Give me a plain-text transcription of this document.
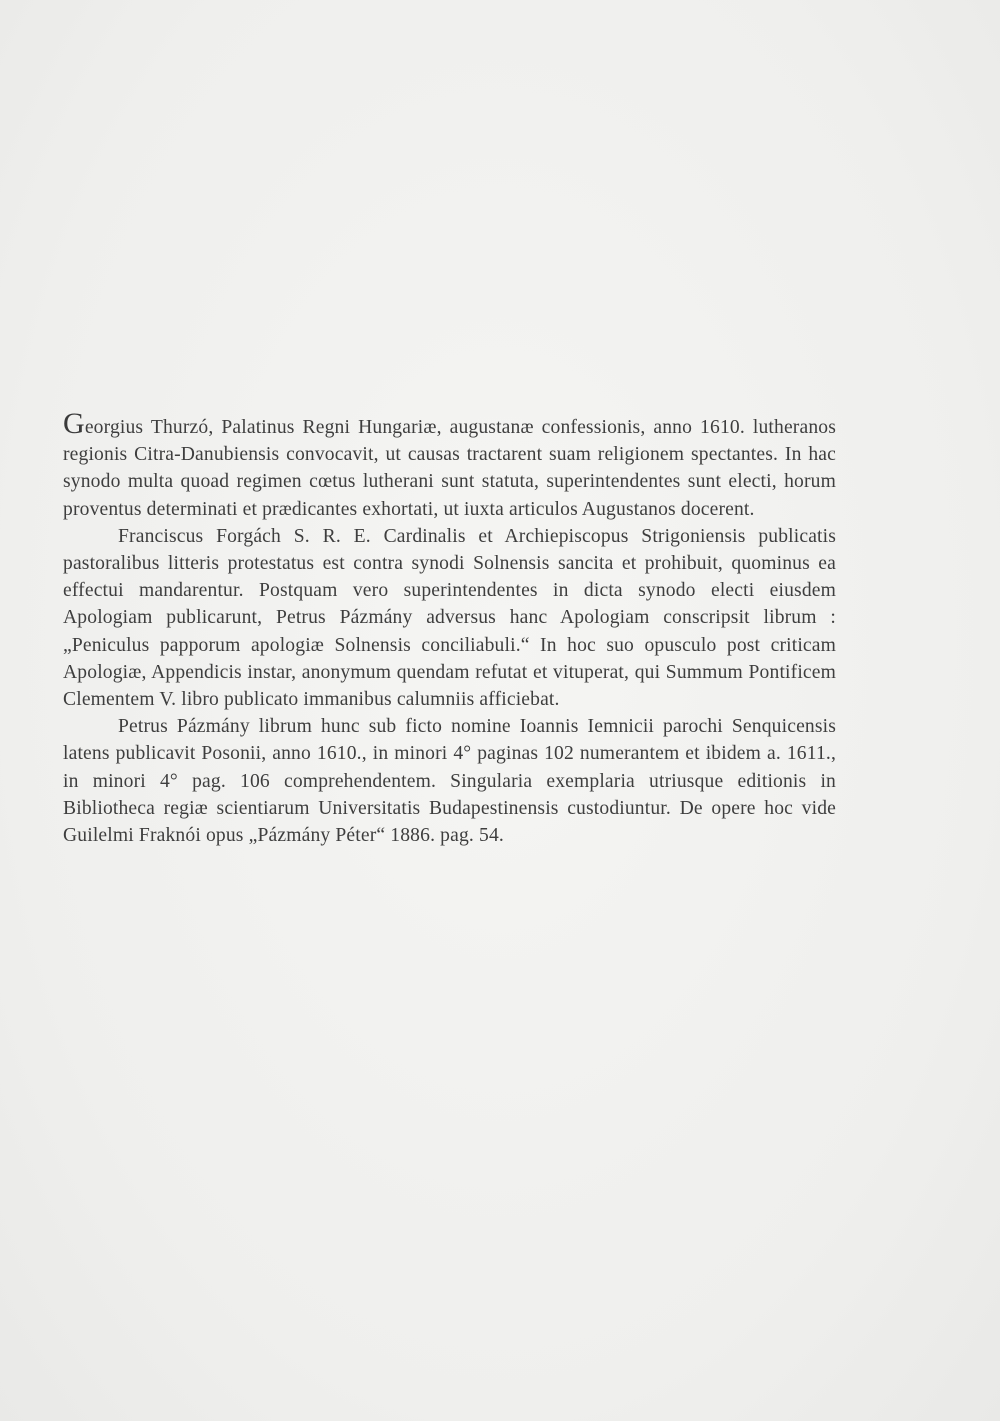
Georgius Thurzó, Palatinus Regni Hungariæ, augustanæ confessionis, anno 1610. lutheranos regionis Citra-Danubiensis convocavit, ut causas tractarent suam religionem spectantes. In hac synodo multa quoad regimen cœtus lutherani sunt statuta, superintendentes sunt electi, horum proventus determinati et prædicantes exhortati, ut iuxta articulos Augustanos docerent.

Franciscus Forgách S. R. E. Cardinalis et Archiepiscopus Strigoniensis publicatis pastoralibus litteris protestatus est contra synodi Solnensis sancita et prohibuit, quominus ea effectui mandarentur. Postquam vero superintendentes in dicta synodo electi eiusdem Apologiam publicarunt, Petrus Pázmány adversus hanc Apologiam conscripsit librum : „Peniculus papporum apologiæ Solnensis conciliabuli.“ In hoc suo opusculo post criticam Apologiæ, Appendicis instar, anonymum quendam refutat et vituperat, qui Summum Pontificem Clementem V. libro publicato immanibus calumniis afficiebat.

Petrus Pázmány librum hunc sub ficto nomine Ioannis Iemnicii parochi Senquicensis latens publicavit Posonii, anno 1610., in minori 4° paginas 102 numerantem et ibidem a. 1611., in minori 4° pag. 106 comprehendentem. Singularia exemplaria utriusque editionis in Bibliotheca regiæ scientiarum Universitatis Budapestinensis custodiuntur. De opere hoc vide Guilelmi Fraknói opus „Pázmány Péter“ 1886. pag. 54.
